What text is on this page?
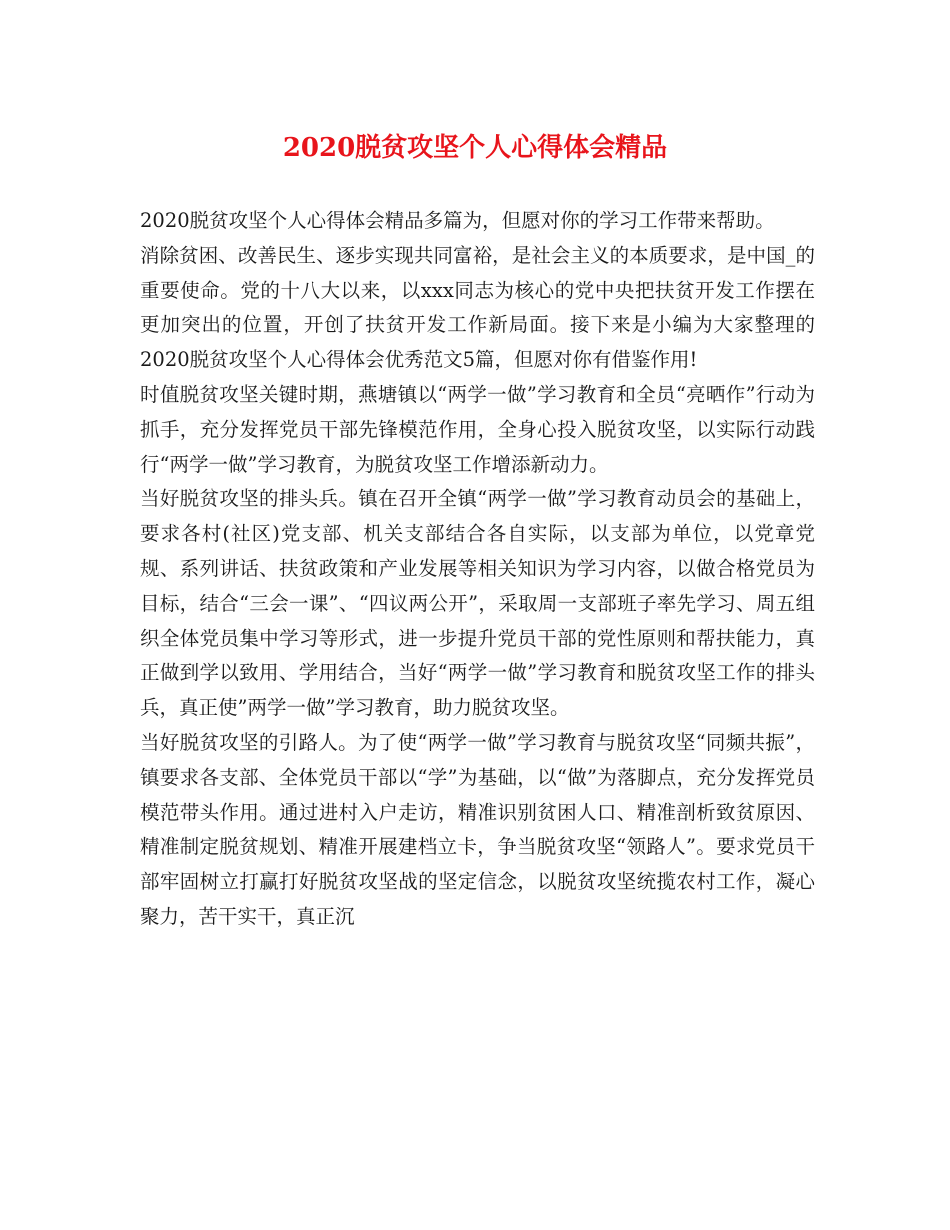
2020脱贫攻坚个人心得体会精品

2020脱贫攻坚个人心得体会精品多篇为，但愿对你的学习工作带来帮助。

消除贫困、改善民生、逐步实现共同富裕，是社会主义的本质要求，是中国_的重要使命。党的十八大以来，以xxx同志为核心的党中央把扶贫开发工作摆在更加突出的位置，开创了扶贫开发工作新局面。接下来是小编为大家整理的2020脱贫攻坚个人心得体会优秀范文5篇，但愿对你有借鉴作用!

时值脱贫攻坚关键时期，燕塘镇以“两学一做”学习教育和全员“亮晒作”行动为抓手，充分发挥党员干部先锋模范作用，全身心投入脱贫攻坚，以实际行动践行“两学一做”学习教育，为脱贫攻坚工作增添新动力。

当好脱贫攻坚的排头兵。镇在召开全镇“两学一做”学习教育动员会的基础上，要求各村(社区)党支部、机关支部结合各自实际，以支部为单位，以党章党规、系列讲话、扶贫政策和产业发展等相关知识为学习内容，以做合格党员为目标，结合“三会一课”、“四议两公开”，采取周一支部班子率先学习、周五组织全体党员集中学习等形式，进一步提升党员干部的党性原则和帮扶能力，真正做到学以致用、学用结合，当好“两学一做”学习教育和脱贫攻坚工作的排头兵，真正使”两学一做”学习教育，助力脱贫攻坚。

当好脱贫攻坚的引路人。为了使“两学一做”学习教育与脱贫攻坚“同频共振”，镇要求各支部、全体党员干部以“学”为基础，以“做”为落脚点，充分发挥党员模范带头作用。通过进村入户走访，精准识别贫困人口、精准剖析致贫原因、精准制定脱贫规划、精准开展建档立卡，争当脱贫攻坚“领路人”。要求党员干部牢固树立打赢打好脱贫攻坚战的坚定信念，以脱贫攻坚统揽农村工作，凝心聚力，苦干实干，真正沉
